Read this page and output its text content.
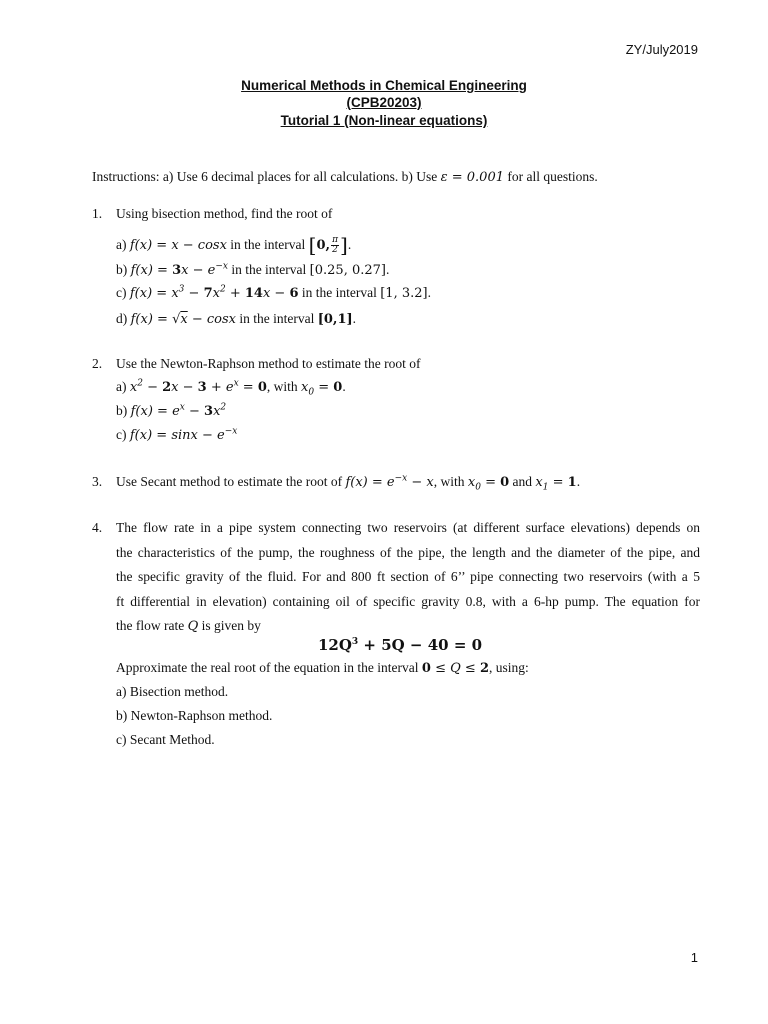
ZY/July2019
Numerical Methods in Chemical Engineering
(CPB20203)
Tutorial 1 (Non-linear equations)
Instructions: a) Use 6 decimal places for all calculations. b) Use ε = 0.001 for all questions.
1. Using bisection method, find the root of
a) f(x) = x − cosx in the interval [0, $\frac{\pi}{2}$ ].
b) $f(x) = 3x - e^{-x}$ in the interval [0.25, 0.27].
c) $f(x) = x^3 - 7x^2 + 14x - 6$ in the interval [1, 3.2].
d) f(x) = √x − cosx in the interval [0,1].
2. Use the Newton-Raphson method to estimate the root of
a) $x^2 - 2x - 3 + e^x = 0$, with $x_0 = 0$.
b) $f(x) = e^x - 3x^2$
c) $f(x) = \sin x - e^{-x}$
3. Use Secant method to estimate the root of $f(x) = e^{-x} - x$, with $x_0 = 0$ and $x_1 = 1$.
4. The flow rate in a pipe system connecting two reservoirs (at different surface elevations) depends on
the characteristics of the pump, the roughness of the pipe, the length and the diameter of the pipe, and
the specific gravity of the fluid. For and 800 ft section of 6’’ pipe connecting two reservoirs (with a 5
ft differential in elevation) containing oil of specific gravity 0.8, with a 6-hp pump. The equation for
the flow rate Q is given by
$12Q^3 + 5Q - 40 = 0$
Approximate the real root of the equation in the interval 0 ≤ Q ≤ 2, using:
a) Bisection method.
b) Newton-Raphson method.
c) Secant Method.
1
